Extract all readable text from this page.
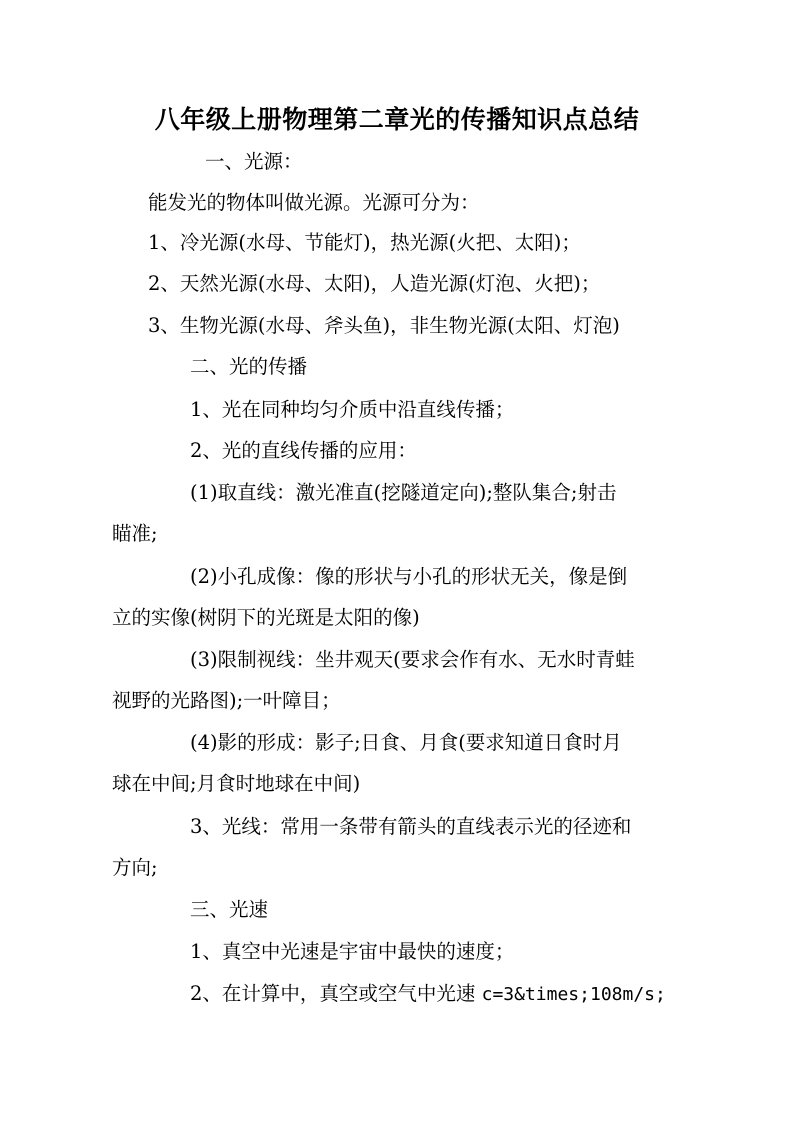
八年级上册物理第二章光的传播知识点总结
一、光源：
能发光的物体叫做光源。光源可分为：
1、冷光源(水母、节能灯)，热光源(火把、太阳)；
2、天然光源(水母、太阳)，人造光源(灯泡、火把)；
3、生物光源(水母、斧头鱼)，非生物光源(太阳、灯泡)
二、光的传播
1、光在同种均匀介质中沿直线传播；
2、光的直线传播的应用：
(1)取直线：激光准直(挖隧道定向);整队集合;射击
瞄准;
(2)小孔成像：像的形状与小孔的形状无关，像是倒
立的实像(树阴下的光斑是太阳的像)
(3)限制视线：坐井观天(要求会作有水、无水时青蛙
视野的光路图);一叶障目；
(4)影的形成：影子;日食、月食(要求知道日食时月
球在中间;月食时地球在中间)
3、光线：常用一条带有箭头的直线表示光的径迹和
方向;
三、光速
1、真空中光速是宇宙中最快的速度；
2、在计算中，真空或空气中光速 c=3&times;108m/s;
